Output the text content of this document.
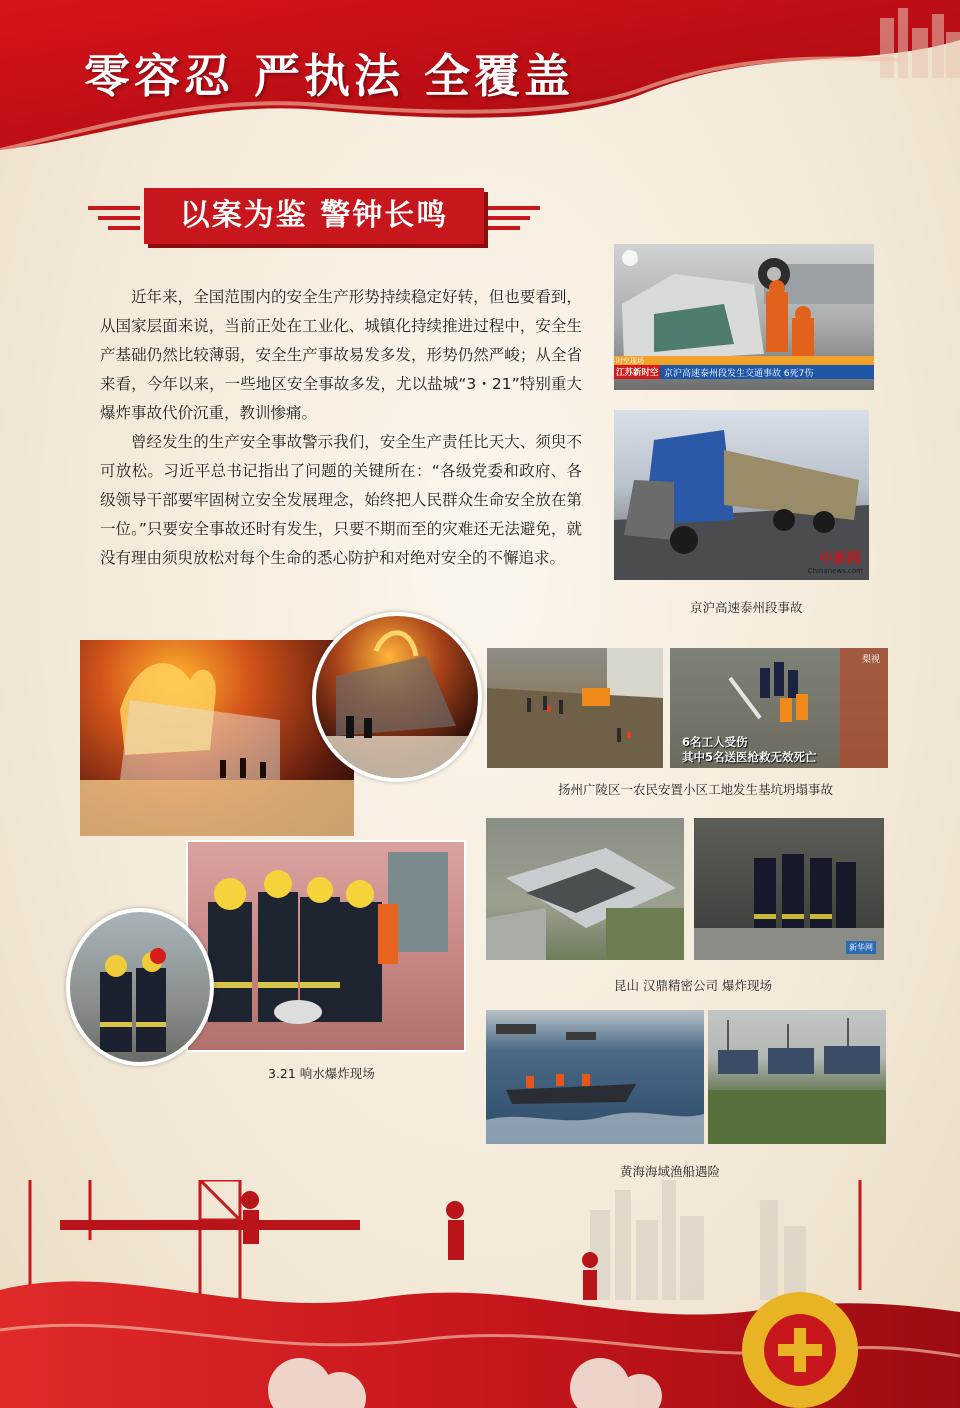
零容忍 严执法 全覆盖
以案为鉴 警钟长鸣

近年来，全国范围内的安全生产形势持续稳定好转，但也要看到，从国家层面来说，当前正处在工业化、城镇化持续推进过程中，安全生产基础仍然比较薄弱，安全生产事故易发多发，形势仍然严峻；从全省来看，今年以来，一些地区安全事故多发，尤以盐城“3・21”特别重大爆炸事故代价沉重，教训惨痛。

曾经发生的生产安全事故警示我们，安全生产责任比天大、须臾不可放松。习近平总书记指出了问题的关键所在：“各级党委和政府、各级领导干部要牢固树立安全发展理念，始终把人民群众生命安全放在第一位。”只要安全事故还时有发生，只要不期而至的灾难还无法避免，就没有理由须臾放松对每个生命的悉心防护和对绝对安全的不懈追求。

时空现场
江苏新时空 京沪高速泰州段发生交通事故 6死7伤
中新网
Chinanews.com
京沪高速泰州段事故
3.21 响水爆炸现场
6名工人受伤
其中5名送医抢救无效死亡
梨视
扬州广陵区一农民安置小区工地发生基坑坍塌事故
新华网
昆山 汉鼎精密公司 爆炸现场
黄海海域渔船遇险
